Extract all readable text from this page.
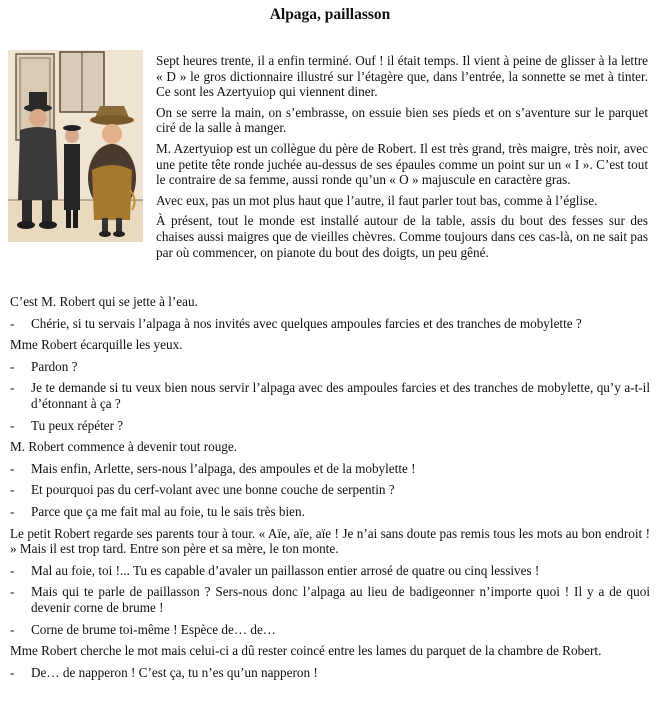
Alpaga, paillasson

Sept heures trente, il a enfin terminé. Ouf ! il était temps. Il vient à peine de glisser à la lettre « D » le gros dictionnaire illustré sur l’étagère que, dans l’entrée, la sonnette se met à tinter. Ce sont les Azertyuiop qui viennent diner.

On se serre la main, on s’embrasse, on essuie bien ses pieds et on s’aventure sur le parquet ciré de la salle à manger.

M. Azertyuiop est un collègue du père de Robert. Il est très grand, très maigre, très noir, avec une petite tête ronde juchée au-dessus de ses épaules comme un point sur un « I ». C’est tout le contraire de sa femme, aussi ronde qu’un « O » majuscule en caractère gras.

Avec eux, pas un mot plus haut que l’autre, il faut parler tout bas, comme à l’église.

À présent, tout le monde est installé autour de la table, assis du bout des fesses sur des chaises aussi maigres que de vieilles chèvres. Comme toujours dans ces cas-là, on ne sait pas par où commencer, on pianote du bout des doigts, un peu gêné.

C’est M. Robert qui se jette à l’eau.

-	Chérie, si tu servais l’alpaga à nos invités avec quelques ampoules farcies et des tranches de mobylette ?

Mme Robert écarquille les yeux.

-	Pardon ?
-	Je te demande si tu veux bien nous servir l’alpaga avec des ampoules farcies et des tranches de mobylette, qu’y a-t-il d’étonnant à ça ?
-	Tu peux répéter ?

M. Robert commence à devenir tout rouge.

-	Mais enfin, Arlette, sers-nous l’alpaga, des ampoules et de la mobylette !
-	Et pourquoi pas du cerf-volant avec une bonne couche de serpentin ?
-	Parce que ça me fait mal au foie, tu le sais très bien.

Le petit Robert regarde ses parents tour à tour. « Aïe, aïe, aïe ! Je n’ai sans doute pas remis tous les mots au bon endroit ! » Mais il est trop tard. Entre son père et sa mère, le ton monte.

-	Mal au foie, toi !... Tu es capable d’avaler un paillasson entier arrosé de quatre ou cinq lessives !
-	Mais qui te parle de paillasson ? Sers-nous donc l’alpaga au lieu de badigeonner n’importe quoi ! Il y a de quoi devenir corne de brume !
-	Corne de brume toi-même ! Espèce de… de…

Mme Robert cherche le mot mais celui-ci a dû rester coincé entre les lames du parquet de la chambre de Robert.

-	De… de napperon ! C’est ça, tu n’es qu’un napperon !
